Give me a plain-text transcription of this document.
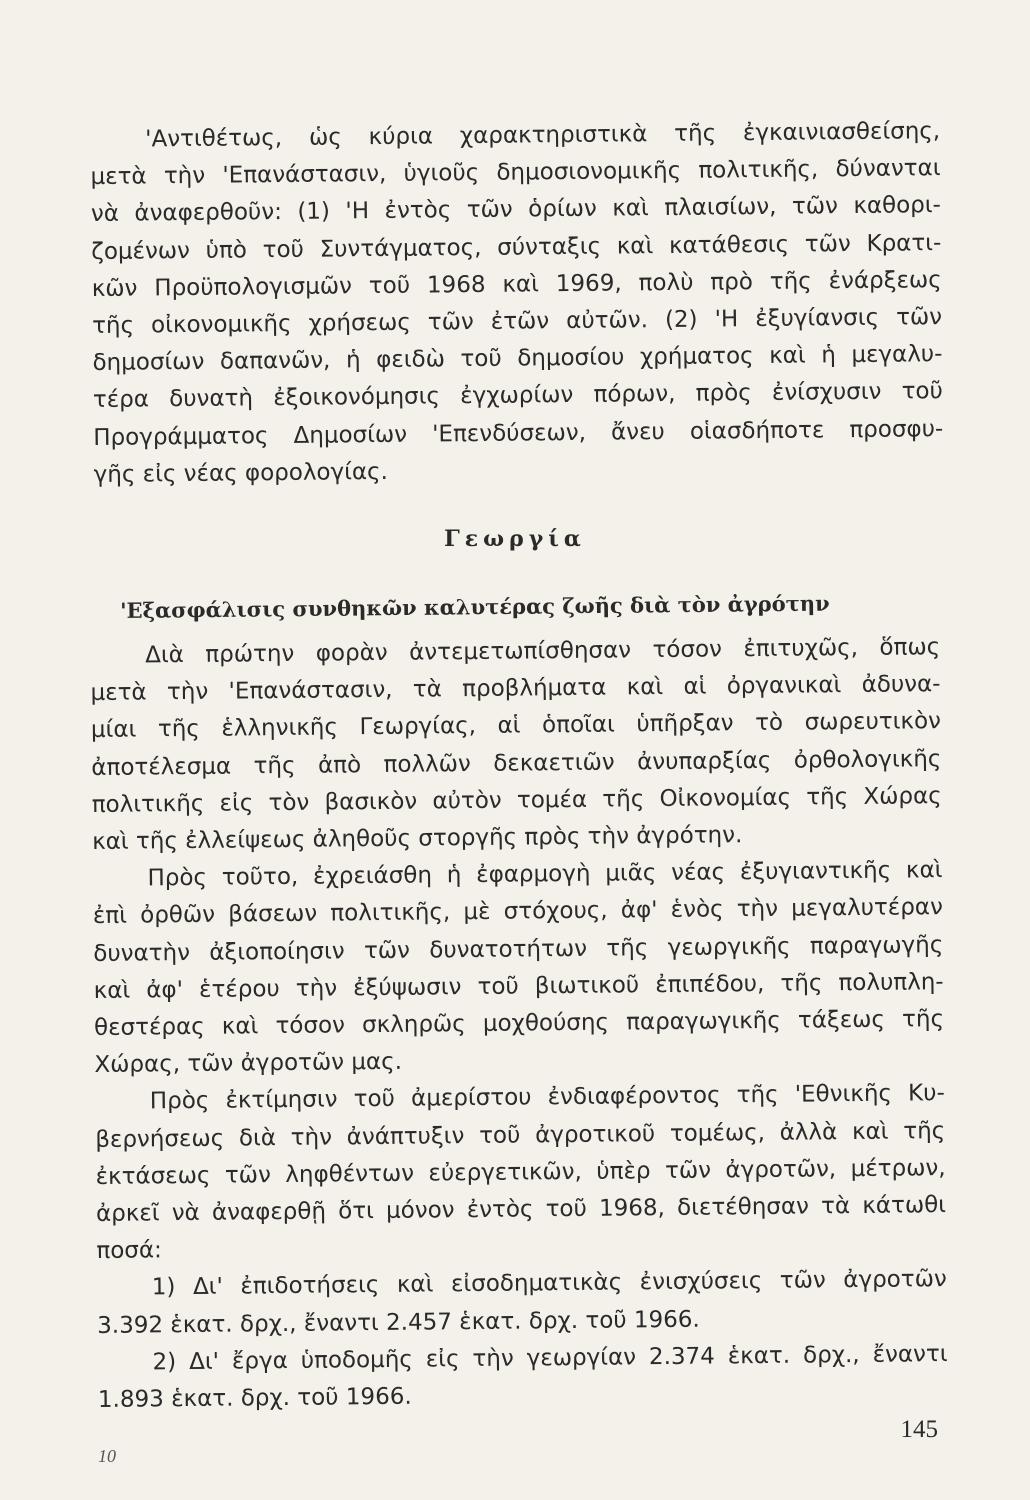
'Αντιθέτως, ὡς κύρια χαρακτηριστικὰ τῆς ἐγκαινιασθείσης,
μετὰ τὴν 'Επανάστασιν, ὑγιοῦς δημοσιονομικῆς πολιτικῆς, δύνανται
νὰ ἀναφερθοῦν: (1) 'Η ἐντὸς τῶν ὁρίων καὶ πλαισίων, τῶν καθορι-
ζομένων ὑπὸ τοῦ Συντάγματος, σύνταξις καὶ κατάθεσις τῶν Κρατι-
κῶν Προϋπολογισμῶν τοῦ 1968 καὶ 1969, πολὺ πρὸ τῆς ἐνάρξεως
τῆς οἰκονομικῆς χρήσεως τῶν ἐτῶν αὐτῶν. (2) 'Η ἐξυγίανσις τῶν
δημοσίων δαπανῶν, ἡ φειδὼ τοῦ δημοσίου χρήματος καὶ ἡ μεγαλυ-
τέρα δυνατὴ ἐξοικονόμησις ἐγχωρίων πόρων, πρὸς ἐνίσχυσιν τοῦ
Προγράμματος Δημοσίων 'Επενδύσεων, ἄνευ οἱασδήποτε προσφυ-
γῆς εἰς νέας φορολογίας.
Γεωργία
'Εξασφάλισις συνθηκῶν καλυτέρας ζωῆς διὰ τὸν ἀγρότην
Διὰ πρώτην φορὰν ἀντεμετωπίσθησαν τόσον ἐπιτυχῶς, ὅπως
μετὰ τὴν 'Επανάστασιν, τὰ προβλήματα καὶ αἱ ὀργανικαὶ ἀδυνα-
μίαι τῆς ἑλληνικῆς Γεωργίας, αἱ ὁποῖαι ὑπῆρξαν τὸ σωρευτικὸν
ἀποτέλεσμα τῆς ἀπὸ πολλῶν δεκαετιῶν ἀνυπαρξίας ὀρθολογικῆς
πολιτικῆς εἰς τὸν βασικὸν αὐτὸν τομέα τῆς Οἰκονομίας τῆς Χώρας
καὶ τῆς ἐλλείψεως ἀληθοῦς στοργῆς πρὸς τὴν ἀγρότην.
Πρὸς τοῦτο, ἐχρειάσθη ἡ ἐφαρμογὴ μιᾶς νέας ἐξυγιαντικῆς καὶ
ἐπὶ ὀρθῶν βάσεων πολιτικῆς, μὲ στόχους, ἀφ' ἑνὸς τὴν μεγαλυτέραν
δυνατὴν ἀξιοποίησιν τῶν δυνατοτήτων τῆς γεωργικῆς παραγωγῆς
καὶ ἀφ' ἑτέρου τὴν ἐξύψωσιν τοῦ βιωτικοῦ ἐπιπέδου, τῆς πολυπλη-
θεστέρας καὶ τόσον σκληρῶς μοχθούσης παραγωγικῆς τάξεως τῆς
Χώρας, τῶν ἀγροτῶν μας.
Πρὸς ἐκτίμησιν τοῦ ἀμερίστου ἐνδιαφέροντος τῆς 'Εθνικῆς Κυ-
βερνήσεως διὰ τὴν ἀνάπτυξιν τοῦ ἀγροτικοῦ τομέως, ἀλλὰ καὶ τῆς
ἐκτάσεως τῶν ληφθέντων εὐεργετικῶν, ὑπὲρ τῶν ἀγροτῶν, μέτρων,
ἀρκεῖ νὰ ἀναφερθῇ ὅτι μόνον ἐντὸς τοῦ 1968, διετέθησαν τὰ κάτωθι
ποσά:
1) Δι' ἐπιδοτήσεις καὶ εἰσοδηματικὰς ἐνισχύσεις τῶν ἀγροτῶν
3.392 ἑκατ. δρχ., ἔναντι 2.457 ἑκατ. δρχ. τοῦ 1966.
2) Δι' ἔργα ὑποδομῆς εἰς τὴν γεωργίαν 2.374 ἑκατ. δρχ., ἔναντι
1.893 ἑκατ. δρχ. τοῦ 1966.
145
10
